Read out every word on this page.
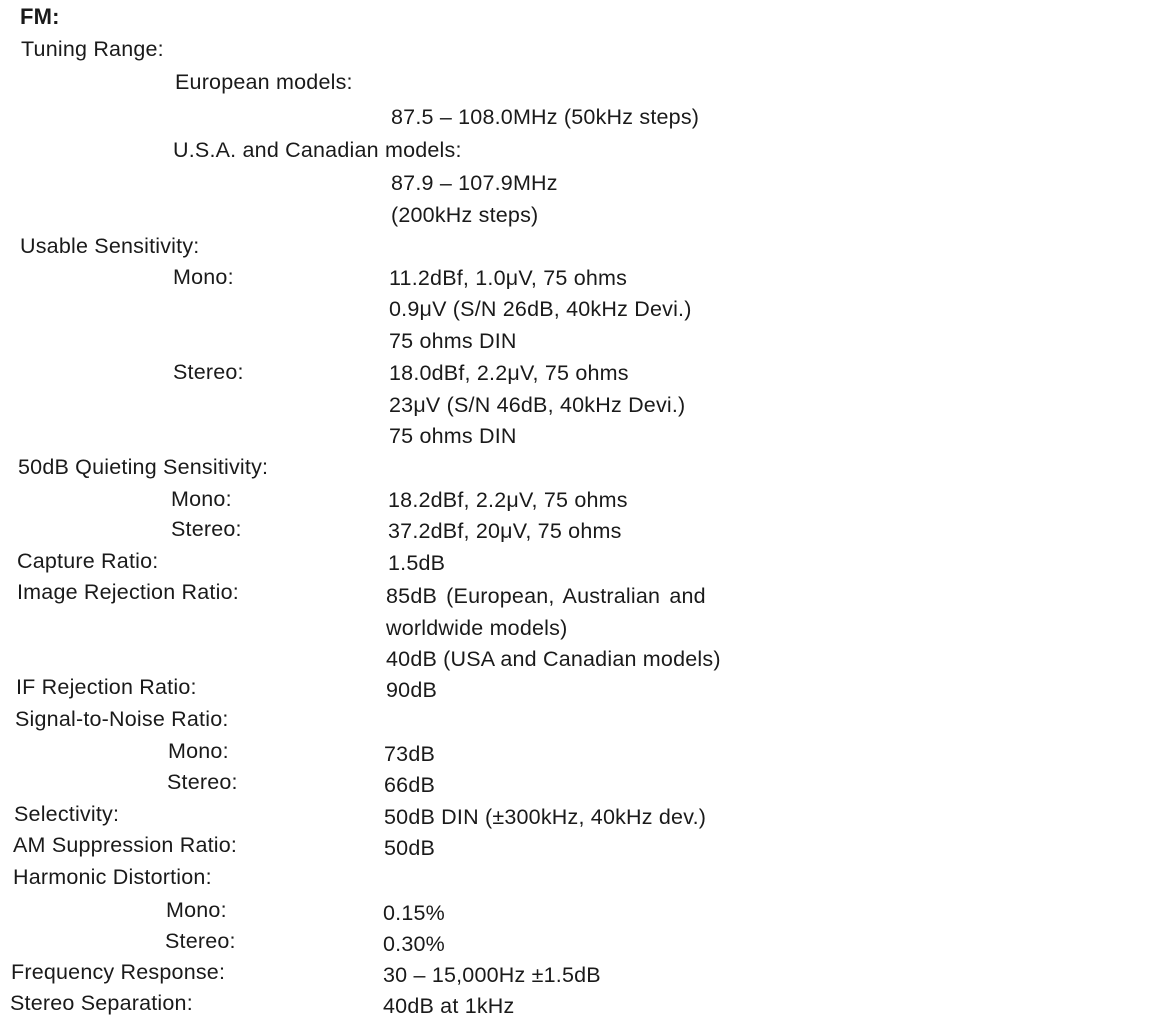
FM:
Tuning Range:
European models:
87.5 – 108.0MHz (50kHz steps)
U.S.A. and Canadian models:
87.9 – 107.9MHz
(200kHz steps)
Usable Sensitivity:
Mono:	11.2dBf, 1.0μV, 75 ohms
0.9μV (S/N 26dB, 40kHz Devi.)
75 ohms DIN
Stereo:	18.0dBf, 2.2μV, 75 ohms
23μV (S/N 46dB, 40kHz Devi.)
75 ohms DIN
50dB Quieting Sensitivity:
Mono:	18.2dBf, 2.2μV, 75 ohms
Stereo:	37.2dBf, 20μV, 75 ohms
Capture Ratio:	1.5dB
Image Rejection Ratio:	85dB (European, Australian and
worldwide models)
40dB (USA and Canadian models)
IF Rejection Ratio:	90dB
Signal-to-Noise Ratio:
Mono:	73dB
Stereo:	66dB
Selectivity:	50dB DIN (±300kHz, 40kHz dev.)
AM Suppression Ratio:	50dB
Harmonic Distortion:
Mono:	0.15%
Stereo:	0.30%
Frequency Response:	30 – 15,000Hz ±1.5dB
Stereo Separation:	40dB at 1kHz
